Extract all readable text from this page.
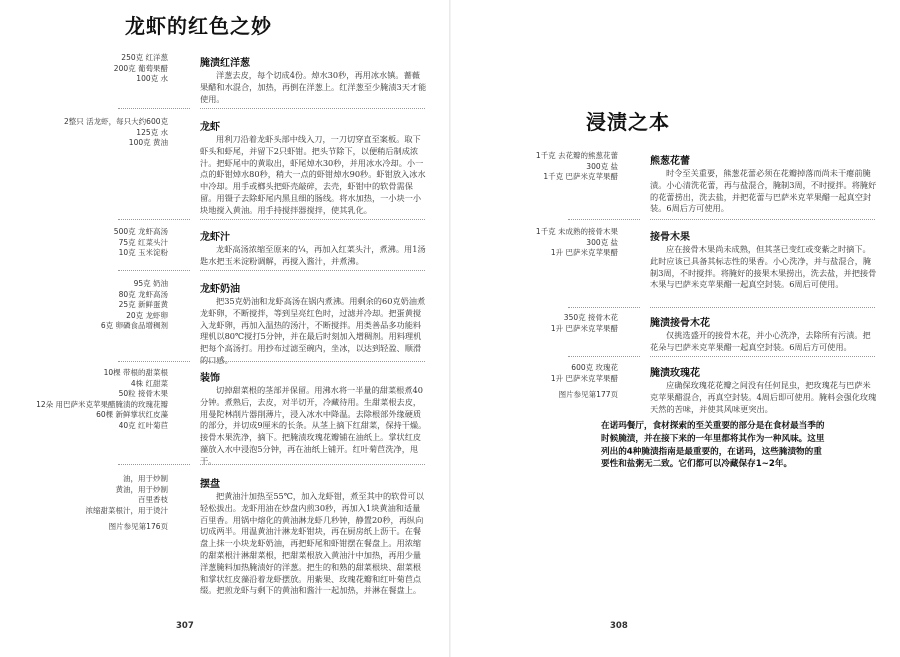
龙虾的红色之妙
250克 红洋葱
200克 葡萄果醋
100克 水
腌渍红洋葱

洋葱去皮，每个切成4份。焯水30秒，再用冰水镇。薔薇果醋和水混合，加热，再倒在洋葱上。红洋葱至少腌渍3天才能使用。

2整只 活龙虾，每只大约600克
125克 水
100克 黄油
龙虾

用利刀沿着龙虾头部中线入刀，一刀切穿直至案板。取下虾头和虾尾，并留下2只虾钳。把头节除下，以便稍后制成浓汁。把虾尾中的黄取出，虾尾焯水30秒，并用冰水冷却。小一点的虾钳焯水80秒，稍大一点的虾钳焯水90秒。虾钳放入冰水中冷却。用手或榔头把虾壳敲碎，去壳，虾钳中的软骨需保留。用镊子去除虾尾内黑且细的肠线。将水加热，一小块一小块地搅入黄油。用手持搅拌器搅拌，使其乳化。

500克 龙虾高汤
75克 红菜头汁
10克 玉米淀粉
龙虾汁

龙虾高汤浓缩至原来的¼，再加入红菜头汁，煮沸。用1汤匙水把玉米淀粉调解，再搅入酱汁，并煮沸。

95克 奶油
80克 龙虾高汤
25克 新鲜蛋黄
20克 龙虾卵
6克 卵磷食品增稠剂
龙虾奶油

把35克奶油和龙虾高汤在锅内煮沸。用剩余的60克奶油煮龙虾卵，不断搅拌，等到呈亮红色时，过滤并冷却。把蛋黄搅入龙虾卵，再加入温热的汤汁，不断搅拌。用类善品多功能料理机以80℃搅打5分钟，并在最后时刻加入增稠剂。用料理机把每个高汤打。用抄布过滤至碗内，坐冰，以达到轻盈、顺滑的口感。

10棵 带根的甜菜根
4株 红甜菜
50粒 接骨木果
12朵 用巴萨米克苹果醋腌渍的玫瑰花瓣
60棵 新鲜掌状红皮藻
40克 红叶菊苣
装饰

切掉甜菜根的茎部并保留。用沸水将一半量的甜菜根煮40分钟。煮熟后，去皮，对半切开，冷藏待用。生甜菜根去皮，用曼陀林削片器削薄片，浸入冰水中降温。去除根部外缘硬质的部分，并切成9厘米的长条。从茎上摘下红甜菜，保持干燥。接骨木果洗净，摘下。把腌渍玫瑰花瓣铺在油纸上。掌状红皮藻放入水中浸泡5分钟，再在油纸上铺开。红叶菊苣洗净，甩干。

油，用于炒制
黄油，用于炒制
百里香枝
浓缩甜菜根汁，用于烫汁
图片参见第176页
摆盘

把黄油汁加热至55℃，加入龙虾钳，煮至其中的软骨可以轻松拔出。龙虾用油在炒盘内煎30秒，再加入1块黄油和适量百里香。用锅中熔化的黄油淋龙虾几秒钟，静置20秒，再纵向切成两半。用温黄油汁淋龙虾钳块，再在厨房纸上沥干。在餐盘上抹一小块龙虾奶油，再把虾尾和虾钳摆在餐盘上。用浓缩的甜菜根汁淋甜菜根，把甜菜根放入黄油汁中加热，再用少量洋葱腌料加热腌渍好的洋葱。把生的和熟的甜菜根块、甜菜根和掌状红皮藻沿着龙虾摆放。用紫果、玫瑰花瓣和红叶菊苣点缀。把煎龙虾与剩下的黄油和酱汁一起加热，并淋在餐盘上。

307
浸渍之本
1千克 去花瓣的熊葱花蕾
300克 盐
1千克 巴萨米克苹果醋
熊葱花蕾

时令至关重要，熊葱花蕾必须在花瓣掉落而尚未干瘪前腌渍。小心清洗花蕾，再与盐混合，腌制3周，不时搅拌。将腌好的花蕾捞出，洗去盐，并把花蕾与巴萨米克苹果醋一起真空封装。6周后方可使用。

1千克 未成熟的接骨木果
300克 盐
1升 巴萨米克苹果醋
接骨木果

应在接骨木果尚未成熟，但其茎已变红或变紫之时摘下。此时应该已具备其标志性的果香。小心洗净，并与盐混合，腌制3周，不时搅拌。将腌好的接果木果捞出，洗去盐，并把接骨木果与巴萨米克苹果醋一起真空封装。6周后可使用。

350克 接骨木花
1升 巴萨米克苹果醋	腌渍接骨木花

仅挑选盛开的接骨木花，并小心洗净，去除所有污渍。把花朵与巴萨米克苹果醋一起真空封装。6周后方可使用。

600克 玫瑰花
1升 巴萨米克苹果醋
图片参见第177页
腌渍玫瑰花

应确保玫瑰花花瓣之间没有任何昆虫，把玫瑰花与巴萨米克苹果醋混合，再真空封装。4周后即可使用。腌料会强化玫瑰天然的苦味，并使其风味更突出。

在诺玛餐厅，食材探索的至关重要的部分是在食材最当季的时候腌渍，并在接下来的一年里都将其作为一种风味。这里列出的4种腌渍指南是最重要的，在诺玛，这些腌渍物的重要性和盐粥无二致。它们都可以冷藏保存1~2年。

308
